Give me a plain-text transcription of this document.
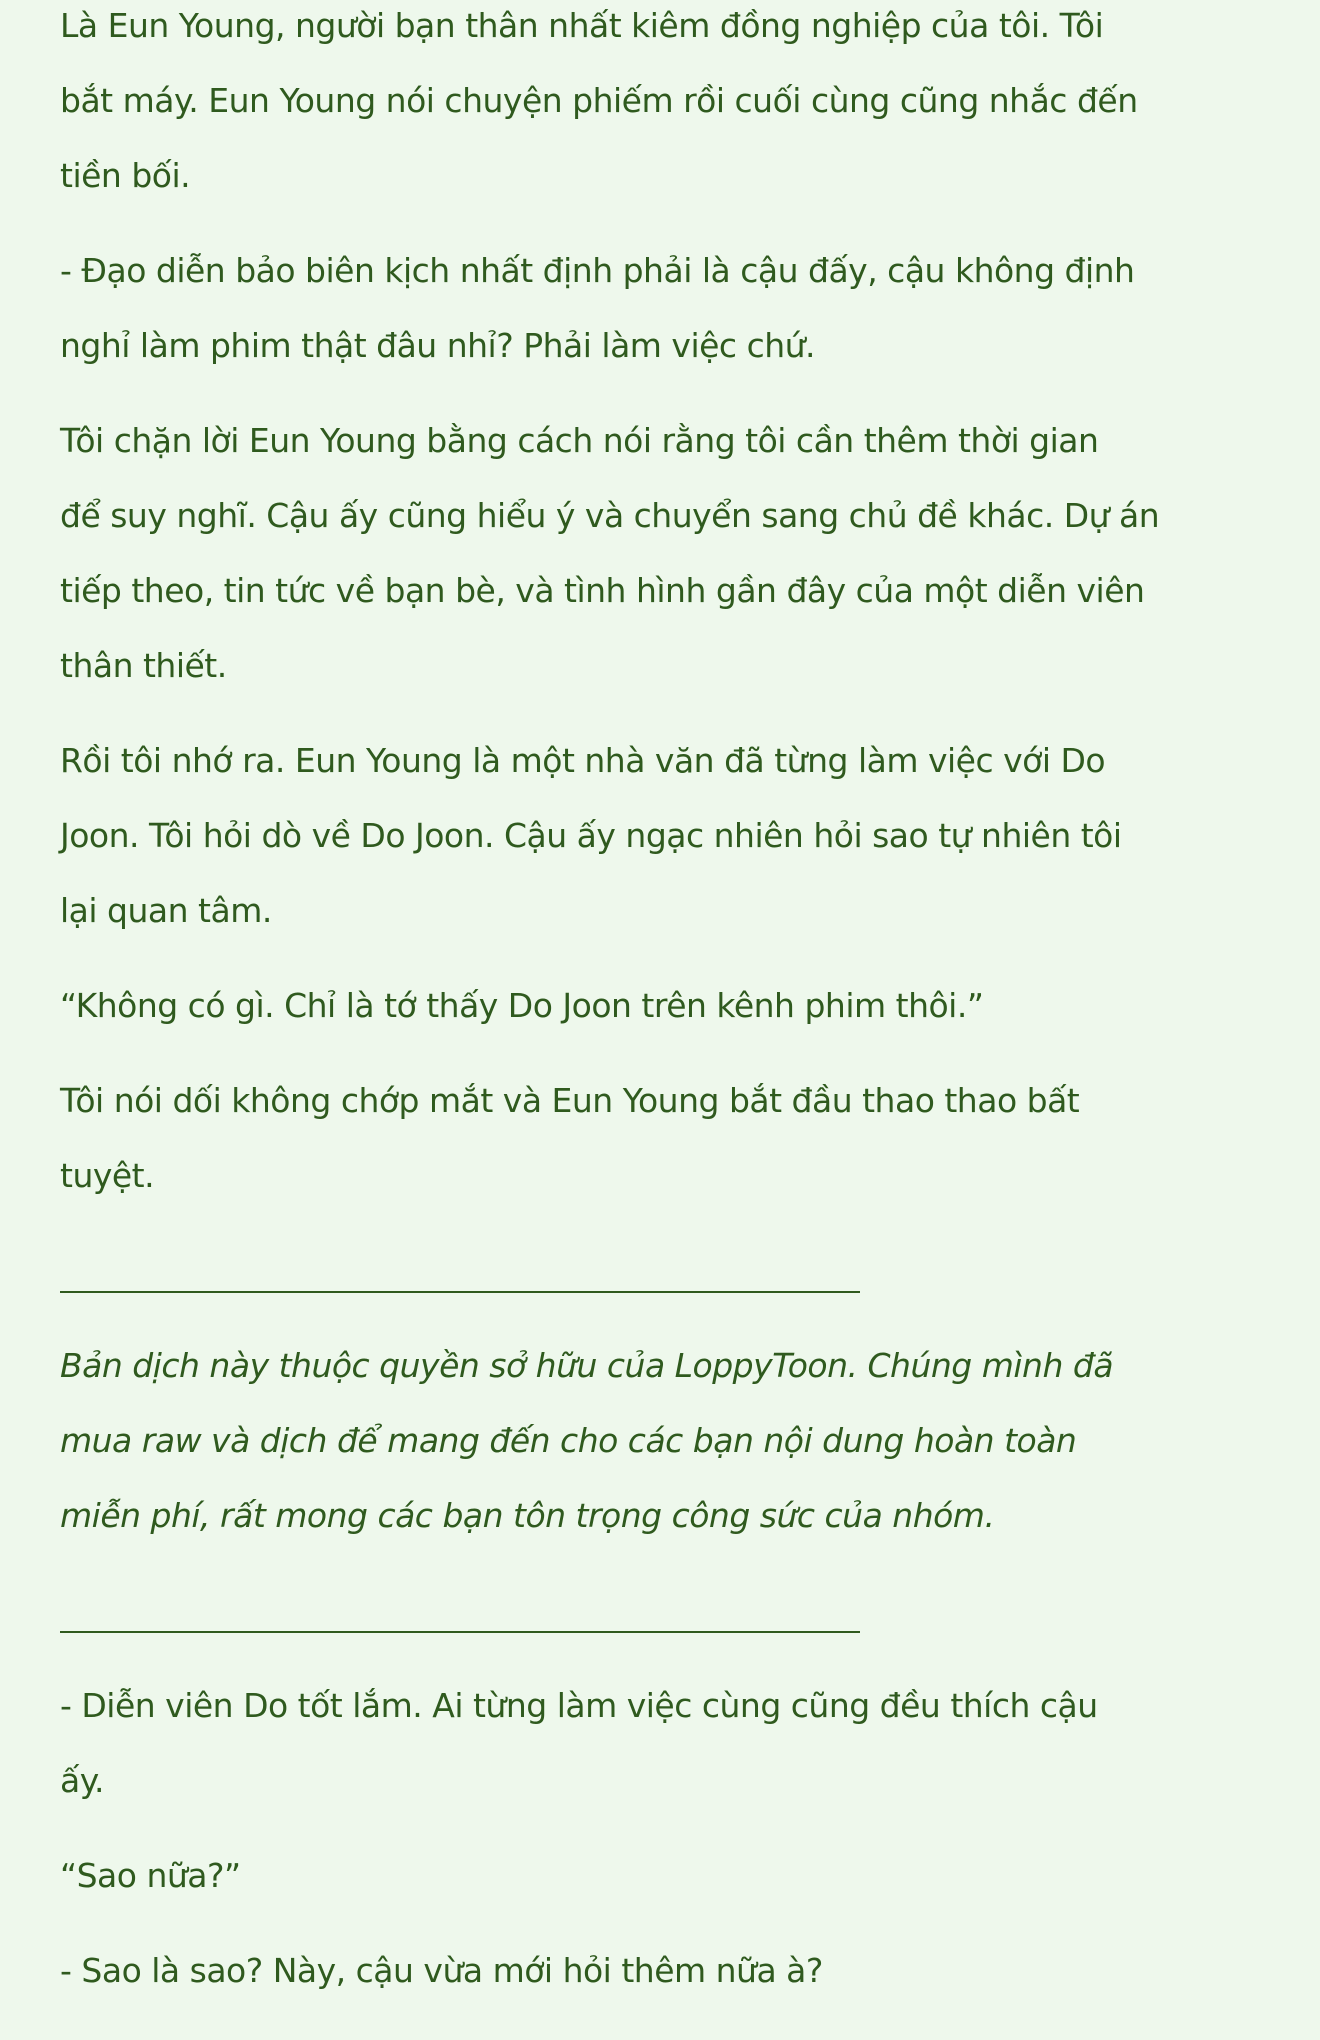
Là Eun Young, người bạn thân nhất kiêm đồng nghiệp của tôi. Tôi
bắt máy. Eun Young nói chuyện phiếm rồi cuối cùng cũng nhắc đến
tiền bối.

- Đạo diễn bảo biên kịch nhất định phải là cậu đấy, cậu không định
nghỉ làm phim thật đâu nhỉ? Phải làm việc chứ.

Tôi chặn lời Eun Young bằng cách nói rằng tôi cần thêm thời gian
để suy nghĩ. Cậu ấy cũng hiểu ý và chuyển sang chủ đề khác. Dự án
tiếp theo, tin tức về bạn bè, và tình hình gần đây của một diễn viên
thân thiết.

Rồi tôi nhớ ra. Eun Young là một nhà văn đã từng làm việc với Do
Joon. Tôi hỏi dò về Do Joon. Cậu ấy ngạc nhiên hỏi sao tự nhiên tôi
lại quan tâm.

“Không có gì. Chỉ là tớ thấy Do Joon trên kênh phim thôi.”

Tôi nói dối không chớp mắt và Eun Young bắt đầu thao thao bất
tuyệt.

Bản dịch này thuộc quyền sở hữu của LoppyToon. Chúng mình đã
mua raw và dịch để mang đến cho các bạn nội dung hoàn toàn
miễn phí, rất mong các bạn tôn trọng công sức của nhóm.

- Diễn viên Do tốt lắm. Ai từng làm việc cùng cũng đều thích cậu
ấy.

“Sao nữa?”

- Sao là sao? Này, cậu vừa mới hỏi thêm nữa à?
